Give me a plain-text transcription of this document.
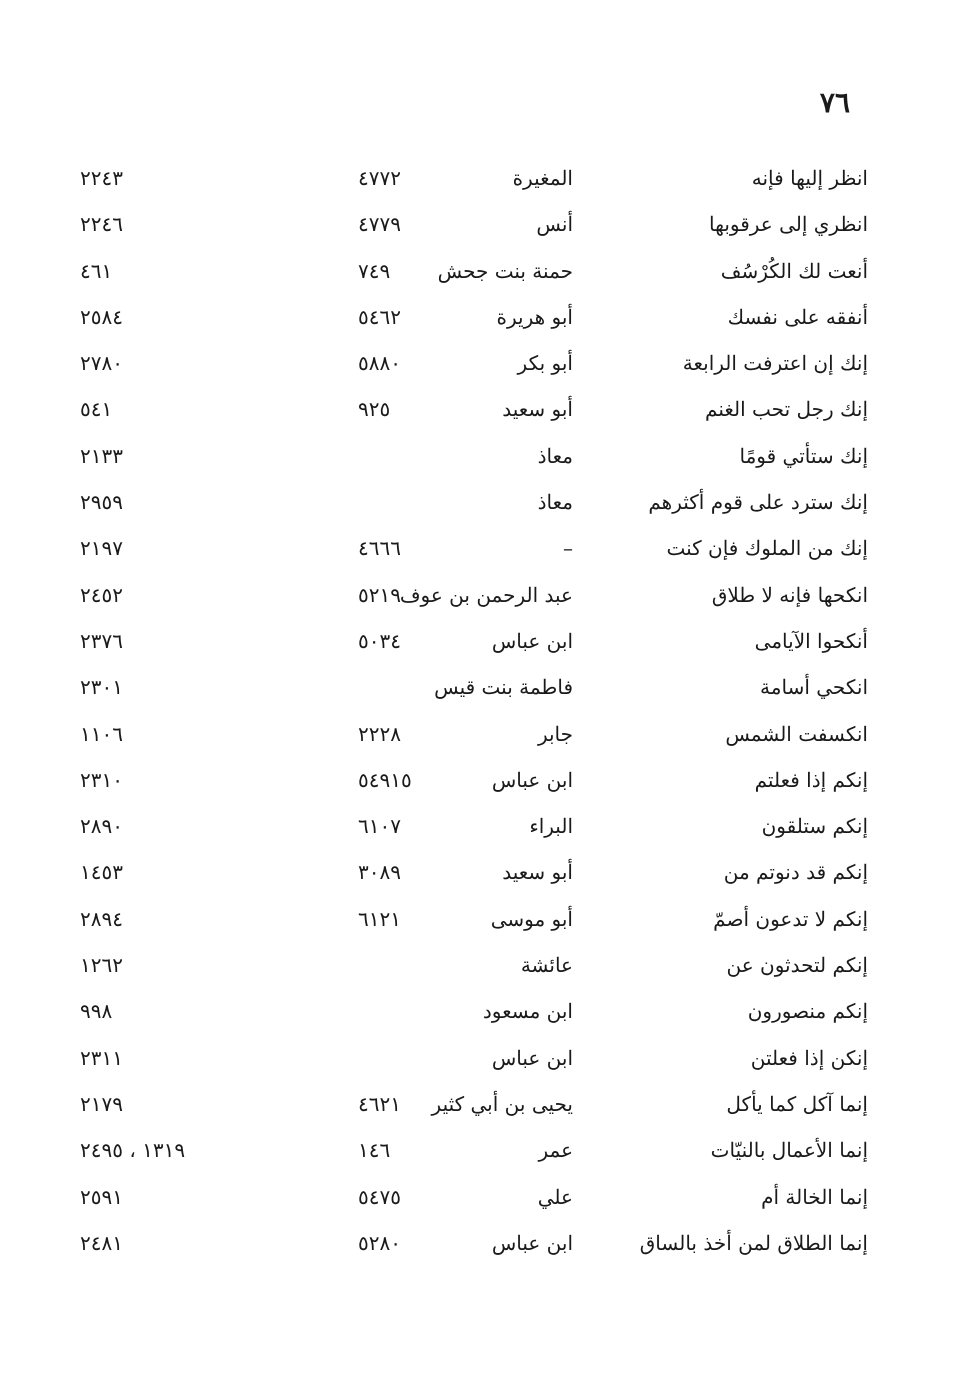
٧٦
انظر إليها فإنه
المغيرة
٤٧٧٢
٢٢٤٣
انظري إلى عرقوبها
أنس
٤٧٧٩
٢٢٤٦
أنعت لك الكُرْسُف
حمنة بنت جحش
٧٤٩
٤٦١
أنفقه على نفسك
أبو هريرة
٥٤٦٢
٢٥٨٤
إنك إن اعترفت الرابعة
أبو بكر
٥٨٨٠
٢٧٨٠
إنك رجل تحب الغنم
أبو سعيد
٩٢٥
٥٤١
إنك ستأتي قومًا
معاذ
٢١٣٣
إنك سترد على قوم أكثرهم
معاذ
٢٩٥٩
إنك من الملوك فإن كنت
–
٤٦٦٦
٢١٩٧
انكحها فإنه لا طلاق
عبد الرحمن بن عوف
٥٢١٩
٢٤٥٢
أنكحوا الآيامى
ابن عباس
٥٠٣٤
٢٣٧٦
انكحي أسامة
فاطمة بنت قيس
٢٣٠١
انكسفت الشمس
جابر
٢٢٢٨
١١٠٦
إنكم إذا فعلتم
ابن عباس
٥٤٩١٥
٢٣١٠
إنكم ستلقون
البراء
٦١٠٧
٢٨٩٠
إنكم قد دنوتم من
أبو سعيد
٣٠٨٩
١٤٥٣
إنكم لا تدعون أصمّ
أبو موسى
٦١٢١
٢٨٩٤
إنكم لتحدثون عن
عائشة
١٢٦٢
إنكم منصورون
ابن مسعود
٩٩٨
إنكن إذا فعلتن
ابن عباس
٢٣١١
إنما آكل كما يأكل
يحيى بن أبي كثير
٤٦٢١
٢١٧٩
إنما الأعمال بالنيّات
عمر
١٤٦
١٣١٩ ، ٢٤٩٥
إنما الخالة أم
علي
٥٤٧٥
٢٥٩١
إنما الطلاق لمن أخذ بالساق
ابن عباس
٥٢٨٠
٢٤٨١
